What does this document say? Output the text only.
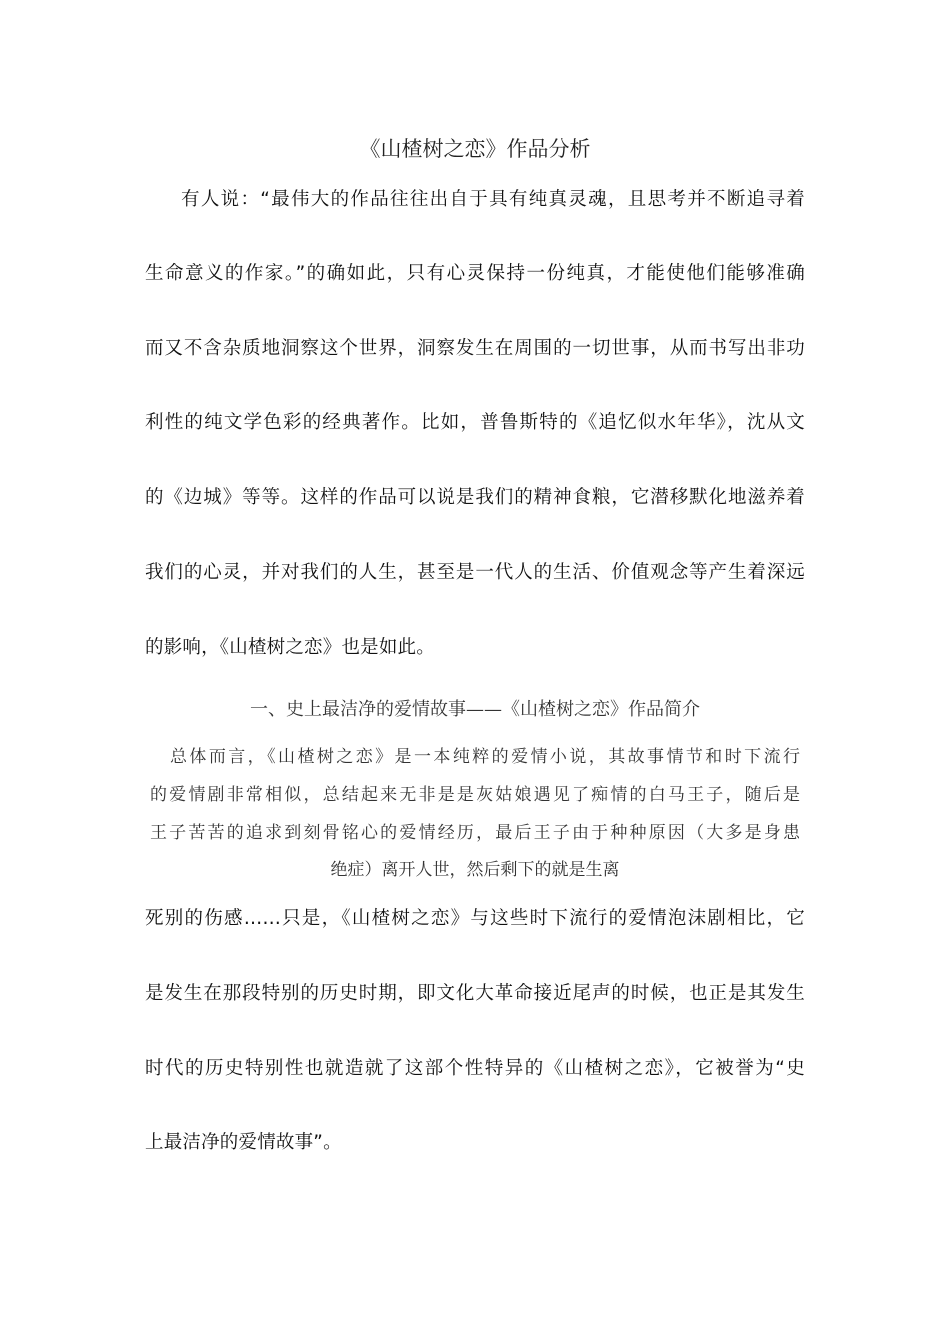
《山楂树之恋》作品分析
有人说：“最伟大的作品往往出自于具有纯真灵魂，且思考并不断追寻着
生命意义的作家。”的确如此，只有心灵保持一份纯真，才能使他们能够准确
而又不含杂质地洞察这个世界，洞察发生在周围的一切世事，从而书写出非功
利性的纯文学色彩的经典著作。比如，普鲁斯特的《追忆似水年华》，沈从文
的《边城》等等。这样的作品可以说是我们的精神食粮，它潜移默化地滋养着
我们的心灵，并对我们的人生，甚至是一代人的生活、价值观念等产生着深远
的影响，《山楂树之恋》也是如此。
一、史上最洁净的爱情故事——《山楂树之恋》作品简介
总体而言，《山楂树之恋》是一本纯粹的爱情小说，其故事情节和时下流行
的爱情剧非常相似，总结起来无非是是灰姑娘遇见了痴情的白马王子，随后是
王子苦苦的追求到刻骨铭心的爱情经历，最后王子由于种种原因（大多是身患
绝症）离开人世，然后剩下的就是生离
死别的伤感……只是，《山楂树之恋》与这些时下流行的爱情泡沫剧相比，它
是发生在那段特别的历史时期，即文化大革命接近尾声的时候，也正是其发生
时代的历史特别性也就造就了这部个性特异的《山楂树之恋》，它被誉为“史
上最洁净的爱情故事”。
